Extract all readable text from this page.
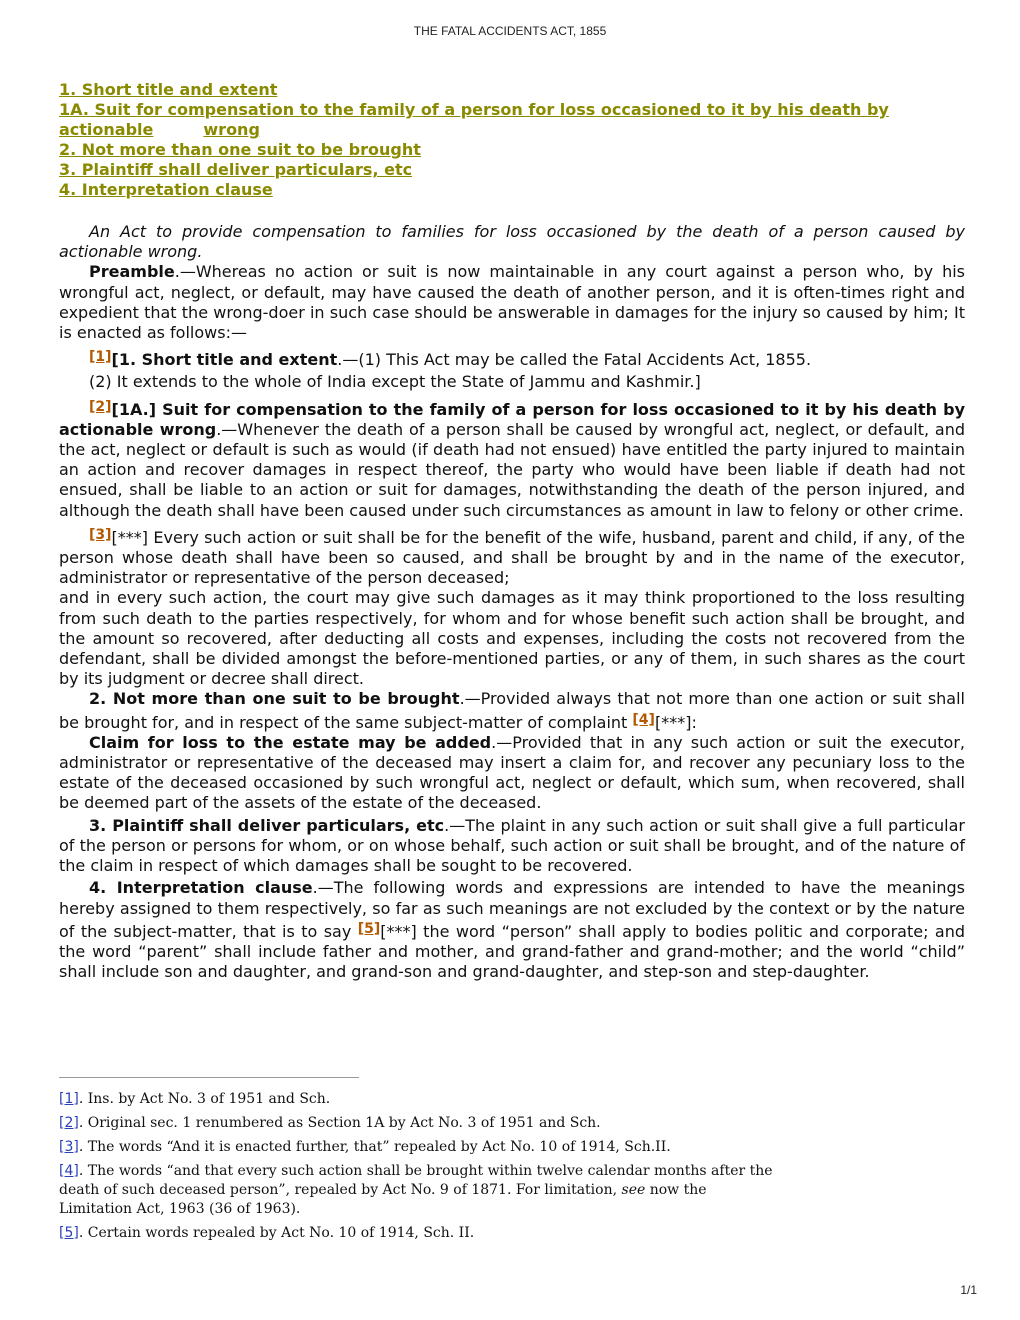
THE FATAL ACCIDENTS ACT, 1855
1. Short title and extent
1A. Suit for compensation to the family of a person for loss occasioned to it by his death by actionable	wrong
2. Not more than one suit to be brought
3. Plaintiff shall deliver particulars, etc
4. Interpretation clause

An Act to provide compensation to families for loss occasioned by the death of a person caused by actionable wrong.

Preamble.—Whereas no action or suit is now maintainable in any court against a person who, by his wrongful act, neglect, or default, may have caused the death of another person, and it is often-times right and expedient that the wrong-doer in such case should be answerable in damages for the injury so caused by him; It is enacted as follows:—

[1][1. Short title and extent.—(1) This Act may be called the Fatal Accidents Act, 1855.

(2) It extends to the whole of India except the State of Jammu and Kashmir.]

[2][1A.] Suit for compensation to the family of a person for loss occasioned to it by his death by actionable wrong.—Whenever the death of a person shall be caused by wrongful act, neglect, or default, and the act, neglect or default is such as would (if death had not ensued) have entitled the party injured to maintain an action and recover damages in respect thereof, the party who would have been liable if death had not ensued, shall be liable to an action or suit for damages, notwithstanding the death of the person injured, and although the death shall have been caused under such circumstances as amount in law to felony or other crime.

[3][***] Every such action or suit shall be for the benefit of the wife, husband, parent and child, if any, of the person whose death shall have been so caused, and shall be brought by and in the name of the executor, administrator or representative of the person deceased;

and in every such action, the court may give such damages as it may think proportioned to the loss resulting from such death to the parties respectively, for whom and for whose benefit such action shall be brought, and the amount so recovered, after deducting all costs and expenses, including the costs not recovered from the defendant, shall be divided amongst the before-mentioned parties, or any of them, in such shares as the court by its judgment or decree shall direct.

2. Not more than one suit to be brought.—Provided always that not more than one action or suit shall be brought for, and in respect of the same subject-matter of complaint [4][***]:

Claim for loss to the estate may be added.—Provided that in any such action or suit the executor, administrator or representative of the deceased may insert a claim for, and recover any pecuniary loss to the estate of the deceased occasioned by such wrongful act, neglect or default, which sum, when recovered, shall be deemed part of the assets of the estate of the deceased.

3. Plaintiff shall deliver particulars, etc.—The plaint in any such action or suit shall give a full particular of the person or persons for whom, or on whose behalf, such action or suit shall be brought, and of the nature of the claim in respect of which damages shall be sought to be recovered.

4. Interpretation clause.—The following words and expressions are intended to have the meanings hereby assigned to them respectively, so far as such meanings are not excluded by the context or by the nature of the subject-matter, that is to say [5][***] the word “person” shall apply to bodies politic and corporate; and the word “parent” shall include father and mother, and grand-father and grand-mother; and the world “child” shall include son and daughter, and grand-son and grand-daughter, and step-son and step-daughter.

[1]. Ins. by Act No. 3 of 1951 and Sch.

[2]. Original sec. 1 renumbered as Section 1A by Act No. 3 of 1951 and Sch.

[3]. The words “And it is enacted further, that” repealed by Act No. 10 of 1914, Sch.II.

[4]. The words “and that every such action shall be brought within twelve calendar months after the death of such deceased person”, repealed by Act No. 9 of 1871. For limitation, see now the Limitation Act, 1963 (36 of 1963).

[5]. Certain words repealed by Act No. 10 of 1914, Sch. II.

1/1
